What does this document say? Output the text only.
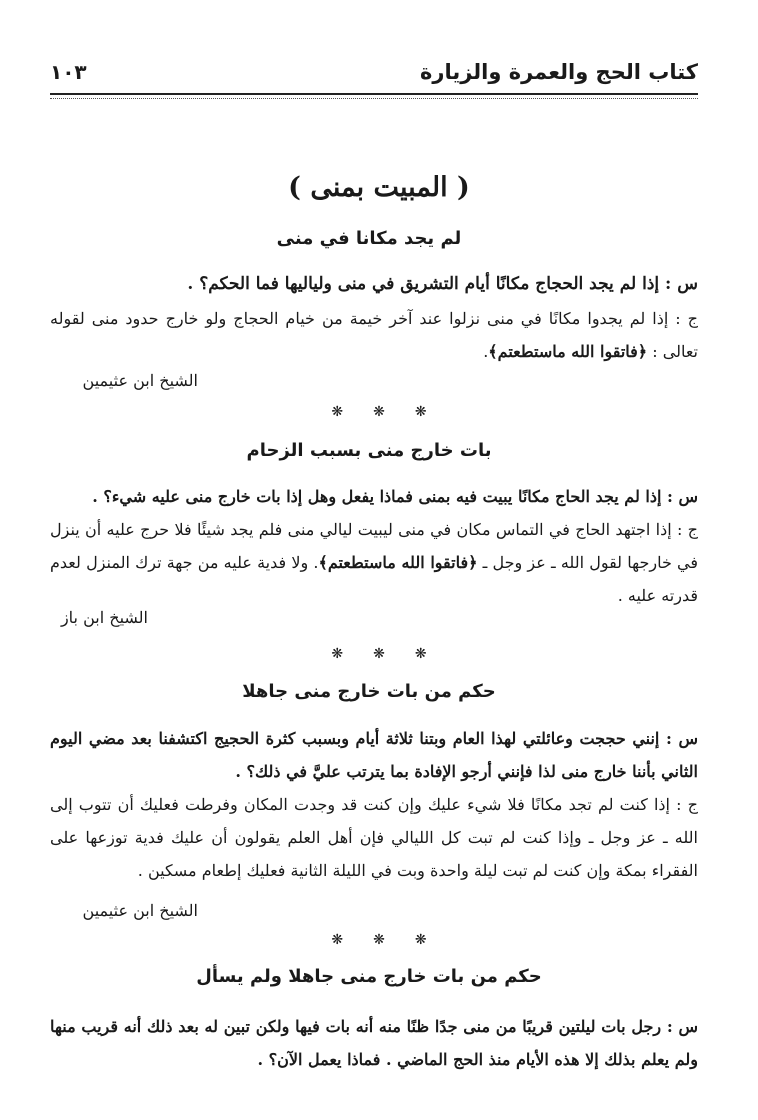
كتاب الحج والعمرة والزيارة
١٠٣
( المبيت بمنى )
لم يجد مكانا في منى
س : إذا لم يجد الحجاج مكانًا أيام التشريق في منى ولياليها فما الحكم؟ .
ج : إذا لم يجدوا مكانًا في منى نزلوا عند آخر خيمة من خيام الحجاج ولو خارج حدود منى لقوله تعالى : ﴿فاتقوا الله ماستطعتم﴾.
الشيخ ابن عثيمين
❋❋❋
بات خارج منى بسبب الزحام
س : إذا لم يجد الحاج مكانًا يبيت فيه بمنى فماذا يفعل وهل إذا بات خارج منى عليه شيء؟ .
ج : إذا اجتهد الحاج في التماس مكان في منى ليبيت ليالي منى فلم يجد شيئًا فلا حرج عليه أن ينزل في خارجها لقول الله ـ عز وجل ـ ﴿فاتقوا الله ماستطعتم﴾. ولا فدية عليه من جهة ترك المنزل لعدم قدرته عليه .
الشيخ ابن باز
❋❋❋
حكم من بات خارج منى جاهلا
س : إنني حججت وعائلتي لهذا العام وبتنا ثلاثة أيام وبسبب كثرة الحجيج اكتشفنا بعد مضي اليوم الثاني بأننا خارج منى لذا فإنني أرجو الإفادة بما يترتب عليَّ في ذلك؟ .
ج : إذا كنت لم تجد مكانًا فلا شيء عليك وإن كنت قد وجدت المكان وفرطت فعليك أن تتوب إلى الله ـ عز وجل ـ وإذا كنت لم تبت كل الليالي فإن أهل العلم يقولون أن عليك فدية توزعها على الفقراء بمكة وإن كنت لم تبت ليلة واحدة وبت في الليلة الثانية فعليك إطعام مسكين .
الشيخ ابن عثيمين
❋❋❋
حكم من بات خارج منى جاهلا ولم يسأل
س : رجل بات ليلتين قريبًا من منى جدًا ظنًا منه أنه بات فيها ولكن تبين له بعد ذلك أنه قريب منها ولم يعلم بذلك إلا هذه الأيام منذ الحج الماضي . فماذا يعمل الآن؟ .
